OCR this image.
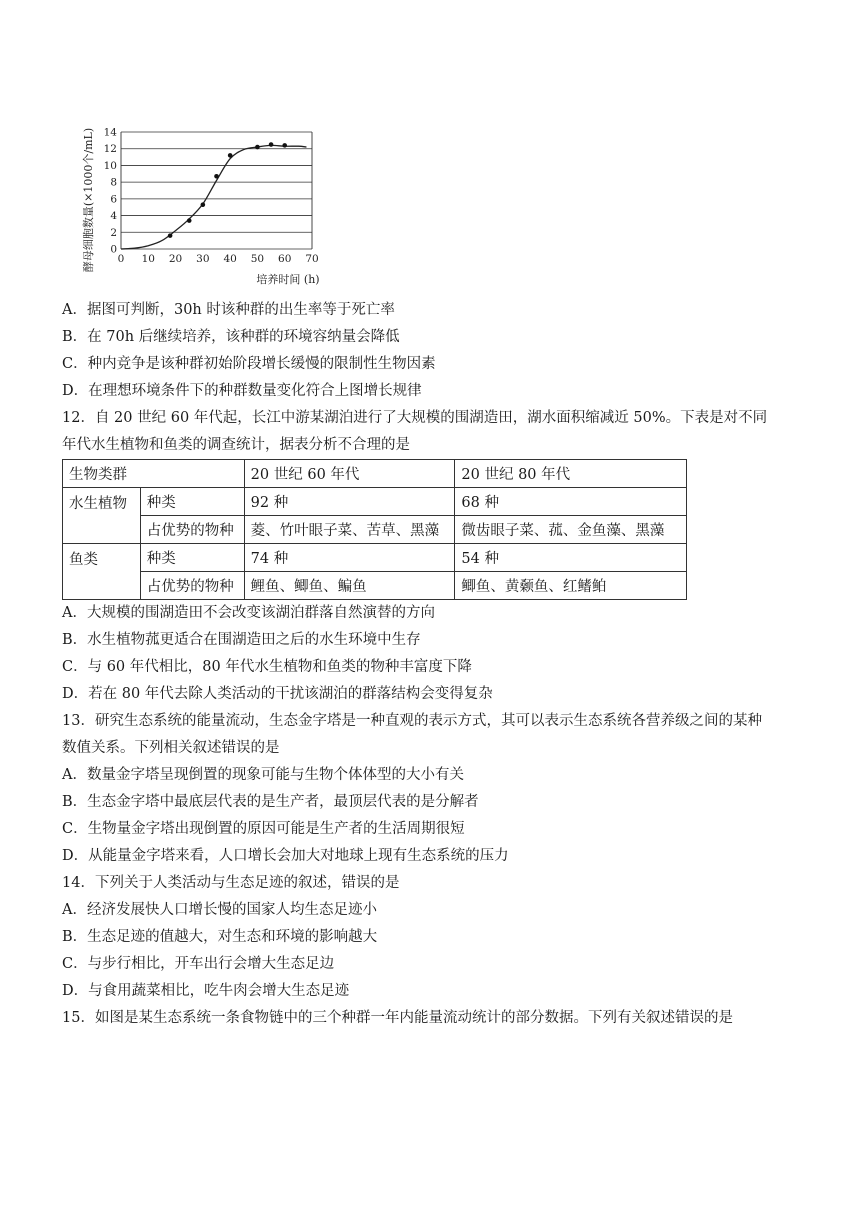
0
2
4
6
8
10
12
14
0 10 20 30 40 50 60 70
酵母细胞数量(×1000个/mL)
培养时间 (h)
A．据图可判断，30h 时该种群的出生率等于死亡率
B．在 70h 后继续培养，该种群的环境容纳量会降低
C．种内竞争是该种群初始阶段增长缓慢的限制性生物因素
D．在理想环境条件下的种群数量变化符合上图增长规律
12．自 20 世纪 60 年代起，长江中游某湖泊进行了大规模的围湖造田，湖水面积缩减近 50%。下表是对不同
年代水生植物和鱼类的调查统计，据表分析不合理的是
生物类群		20 世纪 60 年代	20 世纪 80 年代
水生植物	种类	92 种	68 种
	占优势的物种	菱、竹叶眼子菜、苦草、黑藻	微齿眼子菜、菰、金鱼藻、黑藻
鱼类	种类	74 种	54 种
	占优势的物种	鲤鱼、鲫鱼、鳊鱼	鲫鱼、黄颡鱼、红鳍鲌
A．大规模的围湖造田不会改变该湖泊群落自然演替的方向
B．水生植物菰更适合在围湖造田之后的水生环境中生存
C．与 60 年代相比，80 年代水生植物和鱼类的物种丰富度下降
D．若在 80 年代去除人类活动的干扰该湖泊的群落结构会变得复杂
13．研究生态系统的能量流动，生态金字塔是一种直观的表示方式，其可以表示生态系统各营养级之间的某种
数值关系。下列相关叙述错误的是
A．数量金字塔呈现倒置的现象可能与生物个体体型的大小有关
B．生态金字塔中最底层代表的是生产者，最顶层代表的是分解者
C．生物量金字塔出现倒置的原因可能是生产者的生活周期很短
D．从能量金字塔来看，人口增长会加大对地球上现有生态系统的压力
14．下列关于人类活动与生态足迹的叙述，错误的是
A．经济发展快人口增长慢的国家人均生态足迹小
B．生态足迹的值越大，对生态和环境的影响越大
C．与步行相比，开车出行会增大生态足边
D．与食用蔬菜相比，吃牛肉会增大生态足迹
15．如图是某生态系统一条食物链中的三个种群一年内能量流动统计的部分数据。下列有关叙述错误的是
